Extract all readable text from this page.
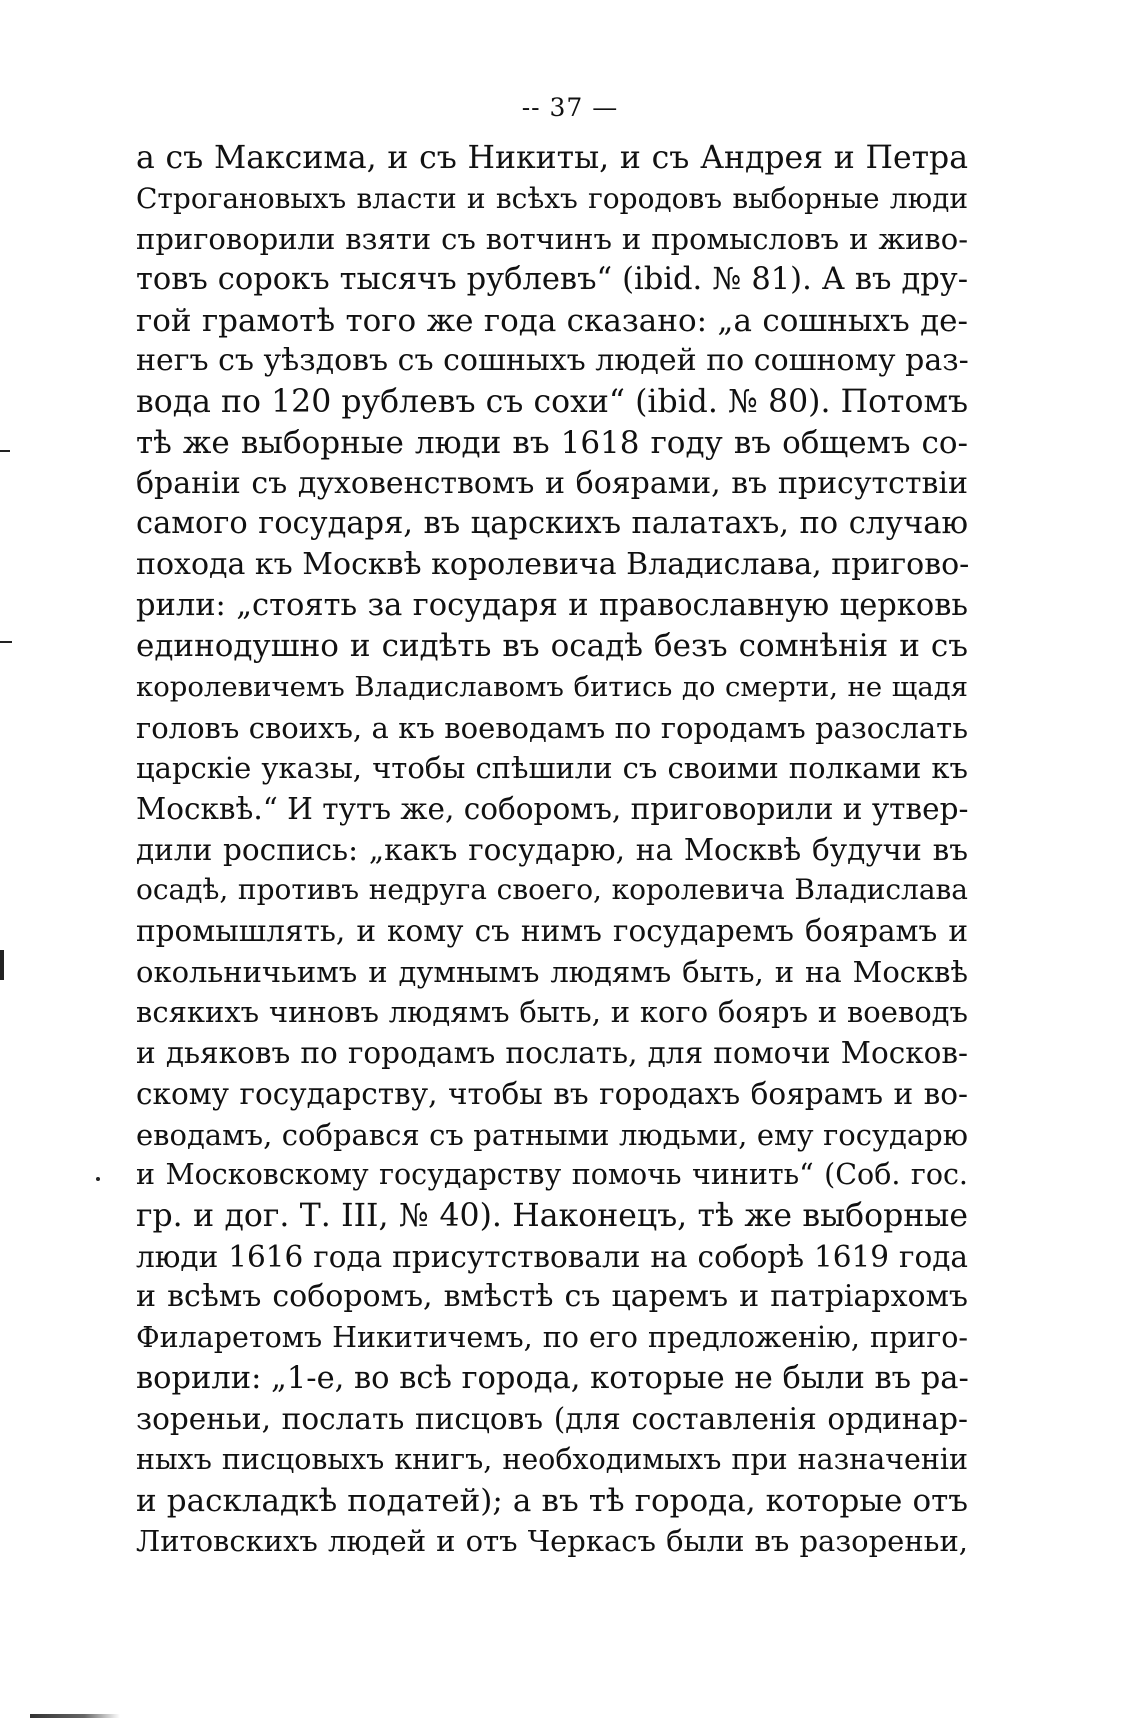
-- 37 —
а съ Максима, и съ Никиты, и съ Андрея и Петра
Строгановыхъ власти и всѣхъ городовъ выборные люди
приговорили взяти съ вотчинъ и промысловъ и живо-
товъ сорокъ тысячъ рублевъ“ (ibid. № 81). А въ дру-
гой грамотѣ того же года сказано: „а сошныхъ де-
негъ съ уѣздовъ съ сошныхъ людей по сошному раз-
вода по 120 рублевъ съ сохи“ (ibid. № 80). Потомъ
тѣ же выборные люди въ 1618 году въ общемъ со-
браніи съ духовенствомъ и боярами, въ присутствіи
самого государя, въ царскихъ палатахъ, по случаю
похода къ Москвѣ королевича Владислава, пригово-
рили: „стоять за государя и православную церковь
единодушно и сидѣть въ осадѣ безъ сомнѣнія и съ
королевичемъ Владиславомъ битись до смерти, не щадя
головъ своихъ, а къ воеводамъ по городамъ разослать
царскіе указы, чтобы спѣшили съ своими полками къ
Москвѣ.“ И тутъ же, соборомъ, приговорили и утвер-
дили роспись: „какъ государю, на Москвѣ будучи въ
осадѣ, противъ недруга своего, королевича Владислава
промышлять, и кому съ нимъ государемъ боярамъ и
окольничьимъ и думнымъ людямъ быть, и на Москвѣ
всякихъ чиновъ людямъ быть, и кого бояръ и воеводъ
и дьяковъ по городамъ послать, для помочи Москов-
скому государству, чтобы въ городахъ боярамъ и во-
еводамъ, собрався съ ратными людьми, ему государю
и Московскому государству помочь чинить“ (Соб. гос.
гр. и дог. Т. III, № 40). Наконецъ, тѣ же выборные
люди 1616 года присутствовали на соборѣ 1619 года
и всѣмъ соборомъ, вмѣстѣ съ царемъ и патріархомъ
Филаретомъ Никитичемъ, по его предложенію, приго-
ворили: „1-е, во всѣ города, которые не были въ ра-
зореньи, послать писцовъ (для составленія ординар-
ныхъ писцовыхъ книгъ, необходимыхъ при назначеніи
и раскладкѣ податей); а въ тѣ города, которые отъ
Литовскихъ людей и отъ Черкасъ были въ разореньи,
